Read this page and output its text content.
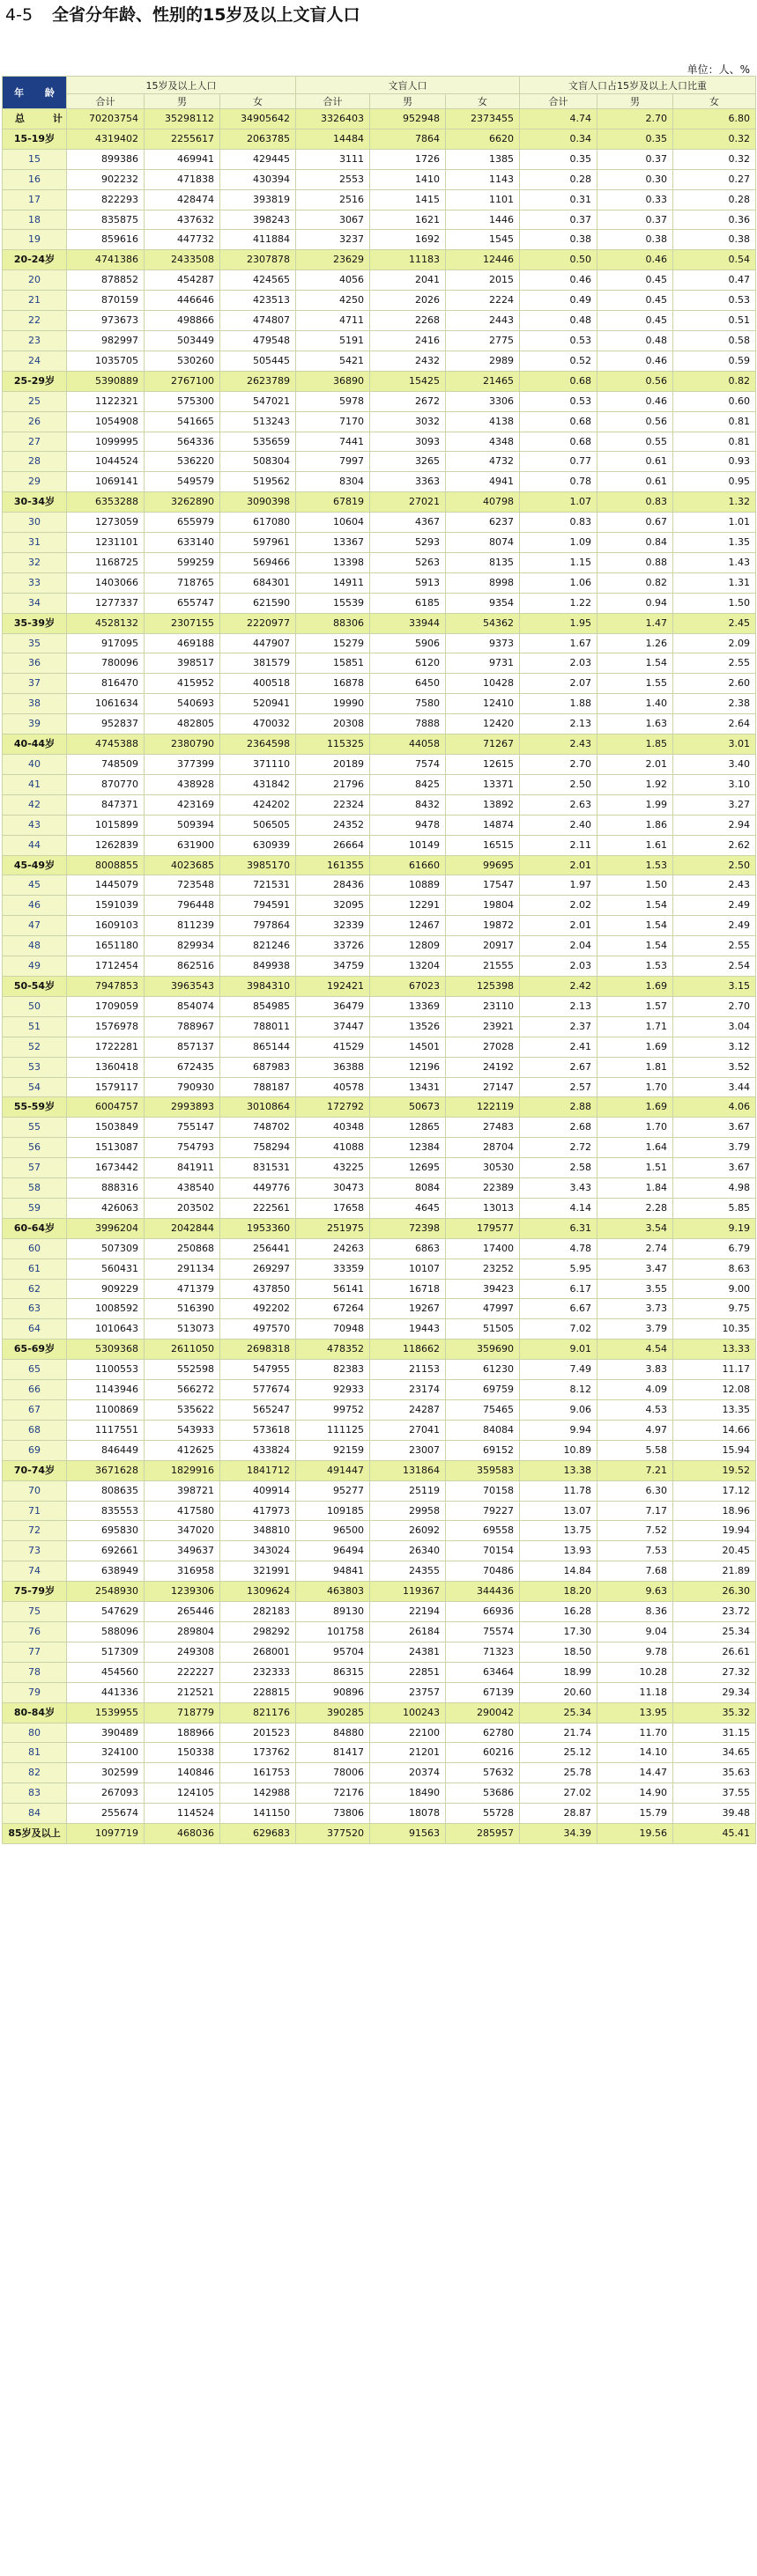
4-5 全省分年龄、性别的15岁及以上文盲人口
单位：人、%
年 龄	15岁及以上人口			文盲人口			文盲人口占15岁及以上人口比重		
	合计	男	女	合计	男	女	合计	男	女
总 计	70203754	35298112	34905642	3326403	952948	2373455	4.74	2.70	6.80
15-19岁	4319402	2255617	2063785	14484	7864	6620	0.34	0.35	0.32
15	899386	469941	429445	3111	1726	1385	0.35	0.37	0.32
16	902232	471838	430394	2553	1410	1143	0.28	0.30	0.27
17	822293	428474	393819	2516	1415	1101	0.31	0.33	0.28
18	835875	437632	398243	3067	1621	1446	0.37	0.37	0.36
19	859616	447732	411884	3237	1692	1545	0.38	0.38	0.38
20-24岁	4741386	2433508	2307878	23629	11183	12446	0.50	0.46	0.54
20	878852	454287	424565	4056	2041	2015	0.46	0.45	0.47
21	870159	446646	423513	4250	2026	2224	0.49	0.45	0.53
22	973673	498866	474807	4711	2268	2443	0.48	0.45	0.51
23	982997	503449	479548	5191	2416	2775	0.53	0.48	0.58
24	1035705	530260	505445	5421	2432	2989	0.52	0.46	0.59
25-29岁	5390889	2767100	2623789	36890	15425	21465	0.68	0.56	0.82
25	1122321	575300	547021	5978	2672	3306	0.53	0.46	0.60
26	1054908	541665	513243	7170	3032	4138	0.68	0.56	0.81
27	1099995	564336	535659	7441	3093	4348	0.68	0.55	0.81
28	1044524	536220	508304	7997	3265	4732	0.77	0.61	0.93
29	1069141	549579	519562	8304	3363	4941	0.78	0.61	0.95
30-34岁	6353288	3262890	3090398	67819	27021	40798	1.07	0.83	1.32
30	1273059	655979	617080	10604	4367	6237	0.83	0.67	1.01
31	1231101	633140	597961	13367	5293	8074	1.09	0.84	1.35
32	1168725	599259	569466	13398	5263	8135	1.15	0.88	1.43
33	1403066	718765	684301	14911	5913	8998	1.06	0.82	1.31
34	1277337	655747	621590	15539	6185	9354	1.22	0.94	1.50
35-39岁	4528132	2307155	2220977	88306	33944	54362	1.95	1.47	2.45
35	917095	469188	447907	15279	5906	9373	1.67	1.26	2.09
36	780096	398517	381579	15851	6120	9731	2.03	1.54	2.55
37	816470	415952	400518	16878	6450	10428	2.07	1.55	2.60
38	1061634	540693	520941	19990	7580	12410	1.88	1.40	2.38
39	952837	482805	470032	20308	7888	12420	2.13	1.63	2.64
40-44岁	4745388	2380790	2364598	115325	44058	71267	2.43	1.85	3.01
40	748509	377399	371110	20189	7574	12615	2.70	2.01	3.40
41	870770	438928	431842	21796	8425	13371	2.50	1.92	3.10
42	847371	423169	424202	22324	8432	13892	2.63	1.99	3.27
43	1015899	509394	506505	24352	9478	14874	2.40	1.86	2.94
44	1262839	631900	630939	26664	10149	16515	2.11	1.61	2.62
45-49岁	8008855	4023685	3985170	161355	61660	99695	2.01	1.53	2.50
45	1445079	723548	721531	28436	10889	17547	1.97	1.50	2.43
46	1591039	796448	794591	32095	12291	19804	2.02	1.54	2.49
47	1609103	811239	797864	32339	12467	19872	2.01	1.54	2.49
48	1651180	829934	821246	33726	12809	20917	2.04	1.54	2.55
49	1712454	862516	849938	34759	13204	21555	2.03	1.53	2.54
50-54岁	7947853	3963543	3984310	192421	67023	125398	2.42	1.69	3.15
50	1709059	854074	854985	36479	13369	23110	2.13	1.57	2.70
51	1576978	788967	788011	37447	13526	23921	2.37	1.71	3.04
52	1722281	857137	865144	41529	14501	27028	2.41	1.69	3.12
53	1360418	672435	687983	36388	12196	24192	2.67	1.81	3.52
54	1579117	790930	788187	40578	13431	27147	2.57	1.70	3.44
55-59岁	6004757	2993893	3010864	172792	50673	122119	2.88	1.69	4.06
55	1503849	755147	748702	40348	12865	27483	2.68	1.70	3.67
56	1513087	754793	758294	41088	12384	28704	2.72	1.64	3.79
57	1673442	841911	831531	43225	12695	30530	2.58	1.51	3.67
58	888316	438540	449776	30473	8084	22389	3.43	1.84	4.98
59	426063	203502	222561	17658	4645	13013	4.14	2.28	5.85
60-64岁	3996204	2042844	1953360	251975	72398	179577	6.31	3.54	9.19
60	507309	250868	256441	24263	6863	17400	4.78	2.74	6.79
61	560431	291134	269297	33359	10107	23252	5.95	3.47	8.63
62	909229	471379	437850	56141	16718	39423	6.17	3.55	9.00
63	1008592	516390	492202	67264	19267	47997	6.67	3.73	9.75
64	1010643	513073	497570	70948	19443	51505	7.02	3.79	10.35
65-69岁	5309368	2611050	2698318	478352	118662	359690	9.01	4.54	13.33
65	1100553	552598	547955	82383	21153	61230	7.49	3.83	11.17
66	1143946	566272	577674	92933	23174	69759	8.12	4.09	12.08
67	1100869	535622	565247	99752	24287	75465	9.06	4.53	13.35
68	1117551	543933	573618	111125	27041	84084	9.94	4.97	14.66
69	846449	412625	433824	92159	23007	69152	10.89	5.58	15.94
70-74岁	3671628	1829916	1841712	491447	131864	359583	13.38	7.21	19.52
70	808635	398721	409914	95277	25119	70158	11.78	6.30	17.12
71	835553	417580	417973	109185	29958	79227	13.07	7.17	18.96
72	695830	347020	348810	96500	26092	69558	13.75	7.52	19.94
73	692661	349637	343024	96494	26340	70154	13.93	7.53	20.45
74	638949	316958	321991	94841	24355	70486	14.84	7.68	21.89
75-79岁	2548930	1239306	1309624	463803	119367	344436	18.20	9.63	26.30
75	547629	265446	282183	89130	22194	66936	16.28	8.36	23.72
76	588096	289804	298292	101758	26184	75574	17.30	9.04	25.34
77	517309	249308	268001	95704	24381	71323	18.50	9.78	26.61
78	454560	222227	232333	86315	22851	63464	18.99	10.28	27.32
79	441336	212521	228815	90896	23757	67139	20.60	11.18	29.34
80-84岁	1539955	718779	821176	390285	100243	290042	25.34	13.95	35.32
80	390489	188966	201523	84880	22100	62780	21.74	11.70	31.15
81	324100	150338	173762	81417	21201	60216	25.12	14.10	34.65
82	302599	140846	161753	78006	20374	57632	25.78	14.47	35.63
83	267093	124105	142988	72176	18490	53686	27.02	14.90	37.55
84	255674	114524	141150	73806	18078	55728	28.87	15.79	39.48
85岁及以上	1097719	468036	629683	377520	91563	285957	34.39	19.56	45.41
